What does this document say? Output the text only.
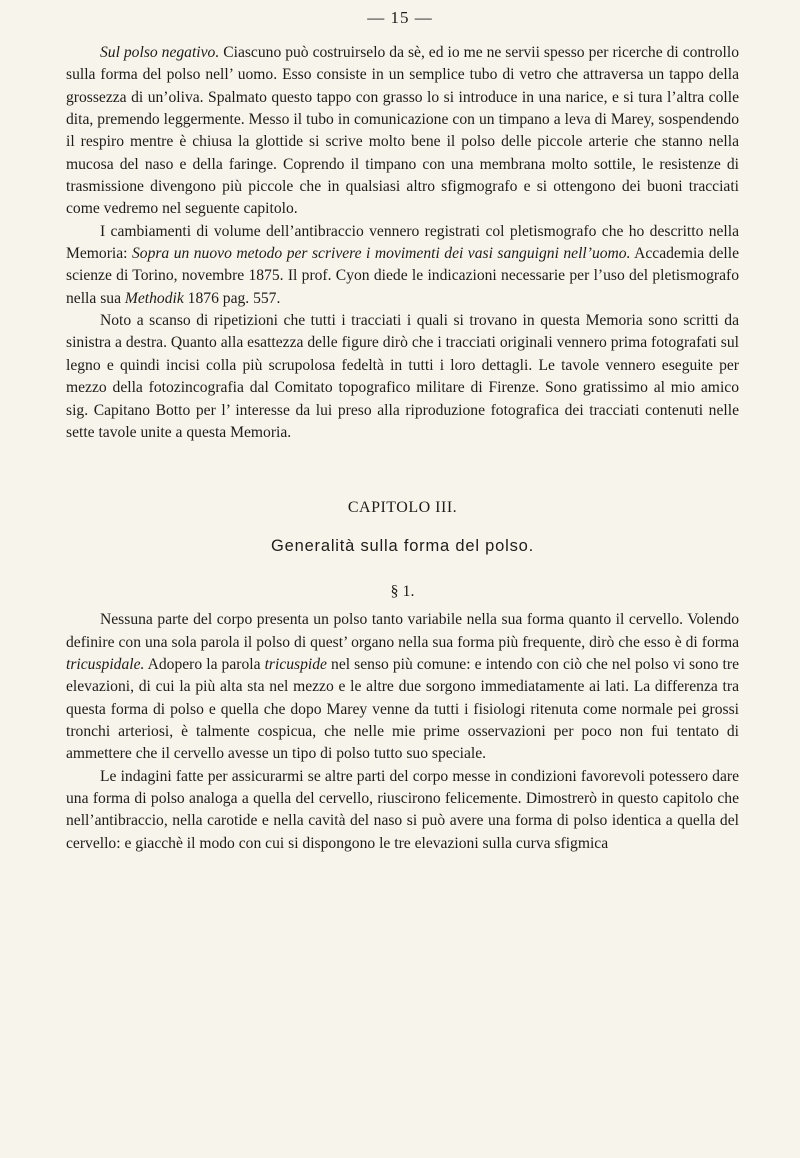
— 15 —

Sul polso negativo. Ciascuno può costruirselo da sè, ed io me ne servii spesso per ricerche di controllo sulla forma del polso nell’ uomo. Esso consiste in un semplice tubo di vetro che attraversa un tappo della grossezza di un’oliva. Spalmato questo tappo con grasso lo si introduce in una narice, e si tura l’altra colle dita, premendo leggermente. Messo il tubo in comunicazione con un timpano a leva di Marey, sospendendo il respiro mentre è chiusa la glottide si scrive molto bene il polso delle piccole arterie che stanno nella mucosa del naso e della faringe. Coprendo il timpano con una membrana molto sottile, le resistenze di trasmissione divengono più piccole che in qualsiasi altro sfigmografo e si ottengono dei buoni tracciati come vedremo nel seguente capitolo.

I cambiamenti di volume dell’antibraccio vennero registrati col pletismografo che ho descritto nella Memoria: Sopra un nuovo metodo per scrivere i movimenti dei vasi sanguigni nell’uomo. Accademia delle scienze di Torino, novembre 1875. Il prof. Cyon diede le indicazioni necessarie per l’uso del pletismografo nella sua Methodik 1876 pag. 557.

Noto a scanso di ripetizioni che tutti i tracciati i quali si trovano in questa Memoria sono scritti da sinistra a destra. Quanto alla esattezza delle figure dirò che i tracciati originali vennero prima fotografati sul legno e quindi incisi colla più scrupolosa fedeltà in tutti i loro dettagli. Le tavole vennero eseguite per mezzo della fotozincografia dal Comitato topografico militare di Firenze. Sono gratissimo al mio amico sig. Capitano Botto per l’ interesse da lui preso alla riproduzione fotografica dei tracciati contenuti nelle sette tavole unite a questa Memoria.

CAPITOLO III.
Generalità sulla forma del polso.
§ 1.

Nessuna parte del corpo presenta un polso tanto variabile nella sua forma quanto il cervello. Volendo definire con una sola parola il polso di quest’ organo nella sua forma più frequente, dirò che esso è di forma tricuspidale. Adopero la parola tricuspide nel senso più comune: e intendo con ciò che nel polso vi sono tre elevazioni, di cui la più alta sta nel mezzo e le altre due sorgono immediatamente ai lati. La differenza tra questa forma di polso e quella che dopo Marey venne da tutti i fisiologi ritenuta come normale pei grossi tronchi arteriosi, è talmente cospicua, che nelle mie prime osservazioni per poco non fui tentato di ammettere che il cervello avesse un tipo di polso tutto suo speciale.

Le indagini fatte per assicurarmi se altre parti del corpo messe in condizioni favorevoli potessero dare una forma di polso analoga a quella del cervello, riuscirono felicemente. Dimostrerò in questo capitolo che nell’antibraccio, nella carotide e nella cavità del naso si può avere una forma di polso identica a quella del cervello: e giacchè il modo con cui si dispongono le tre elevazioni sulla curva sfigmica
